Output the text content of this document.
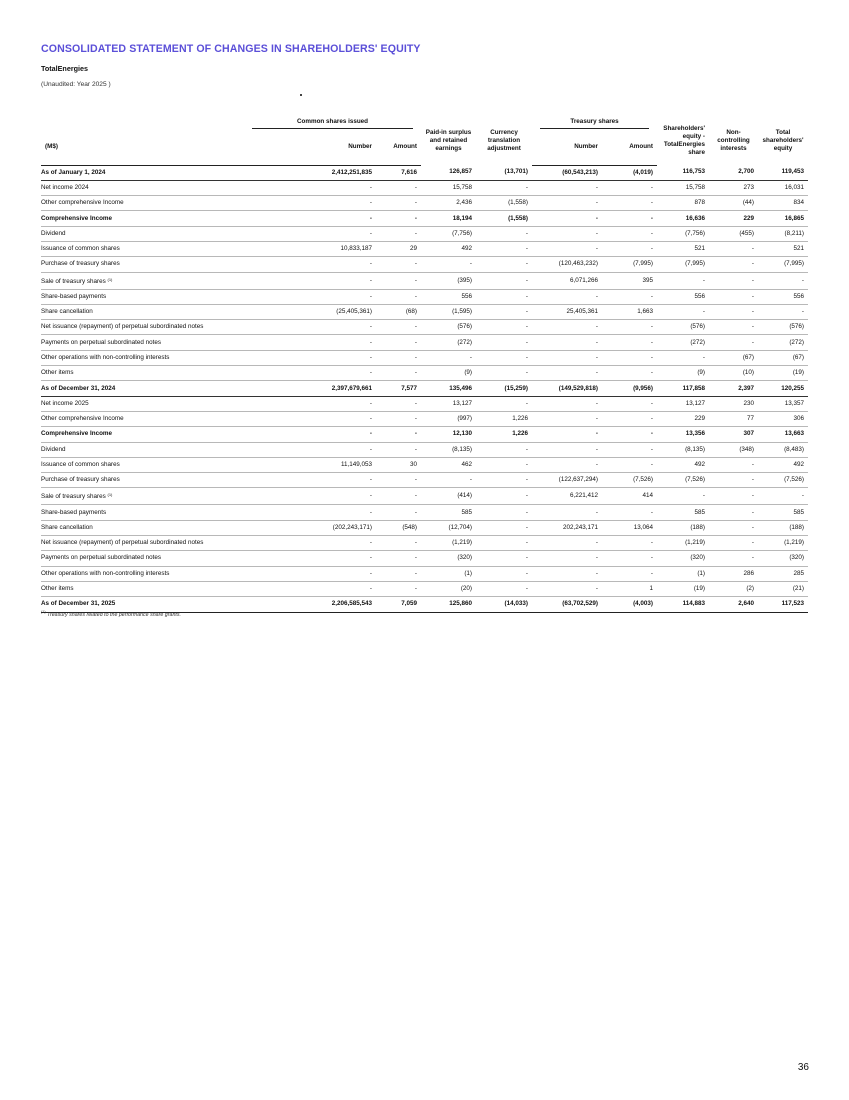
CONSOLIDATED STATEMENT OF CHANGES IN SHAREHOLDERS' EQUITY
TotalEnergies
(Unaudited: Year 2025 )

	Common shares issued		Paid-in surplus and retained earnings	Currency translation adjustment	Treasury shares		Shareholders' equity - TotalEnergies share	Non-controlling interests	Total shareholders' equity
(M$)	Number	Amount			Number	Amount			
As of January 1, 2024	2,412,251,835	7,616	126,857	(13,701)	(60,543,213)	(4,019)	116,753	2,700	119,453
Net income 2024	-	-	15,758	-	-	-	15,758	273	16,031
Other comprehensive Income	-	-	2,436	(1,558)	-	-	878	(44)	834
Comprehensive Income	-	-	18,194	(1,558)	-	-	16,636	229	16,865
Dividend	-	-	(7,756)	-	-	-	(7,756)	(455)	(8,211)
Issuance of common shares	10,833,187	29	492	-	-	-	521	-	521
Purchase of treasury shares	-	-	-	-	(120,463,232)	(7,995)	(7,995)	-	(7,995)
Sale of treasury shares $^{(1)}$	-	-	(395)	-	6,071,266	395	-	-	-
Share-based payments	-	-	556	-	-	-	556	-	556
Share cancellation	(25,405,361)	(68)	(1,595)	-	25,405,361	1,663	-	-	-
Net issuance (repayment) of perpetual subordinated notes	-	-	(576)	-	-	-	(576)	-	(576)
Payments on perpetual subordinated notes	-	-	(272)	-	-	-	(272)	-	(272)
Other operations with non-controlling interests	-	-	-	-	-	-	-	(67)	(67)
Other items	-	-	(9)	-	-	-	(9)	(10)	(19)
As of December 31, 2024	2,397,679,661	7,577	135,496	(15,259)	(149,529,818)	(9,956)	117,858	2,397	120,255
Net income 2025	-	-	13,127	-	-	-	13,127	230	13,357
Other comprehensive Income	-	-	(997)	1,226	-	-	229	77	306
Comprehensive Income	-	-	12,130	1,226	-	-	13,356	307	13,663
Dividend	-	-	(8,135)	-	-	-	(8,135)	(348)	(8,483)
Issuance of common shares	11,149,053	30	462	-	-	-	492	-	492
Purchase of treasury shares	-	-	-	-	(122,637,294)	(7,526)	(7,526)	-	(7,526)
Sale of treasury shares $^{(1)}$	-	-	(414)	-	6,221,412	414	-	-	-
Share-based payments	-	-	585	-	-	-	585	-	585
Share cancellation	(202,243,171)	(548)	(12,704)	-	202,243,171	13,064	(188)	-	(188)
Net issuance (repayment) of perpetual subordinated notes	-	-	(1,219)	-	-	-	(1,219)	-	(1,219)
Payments on perpetual subordinated notes	-	-	(320)	-	-	-	(320)	-	(320)
Other operations with non-controlling interests	-	-	(1)	-	-	-	(1)	286	285
Other items	-	-	(20)	-	-	1	(19)	(2)	(21)
As of December 31, 2025	2,206,585,543	7,059	125,860	(14,033)	(63,702,529)	(4,003)	114,883	2,640	117,523
$^{(1)}$ Treasury shares related to the performance share grants.
36
